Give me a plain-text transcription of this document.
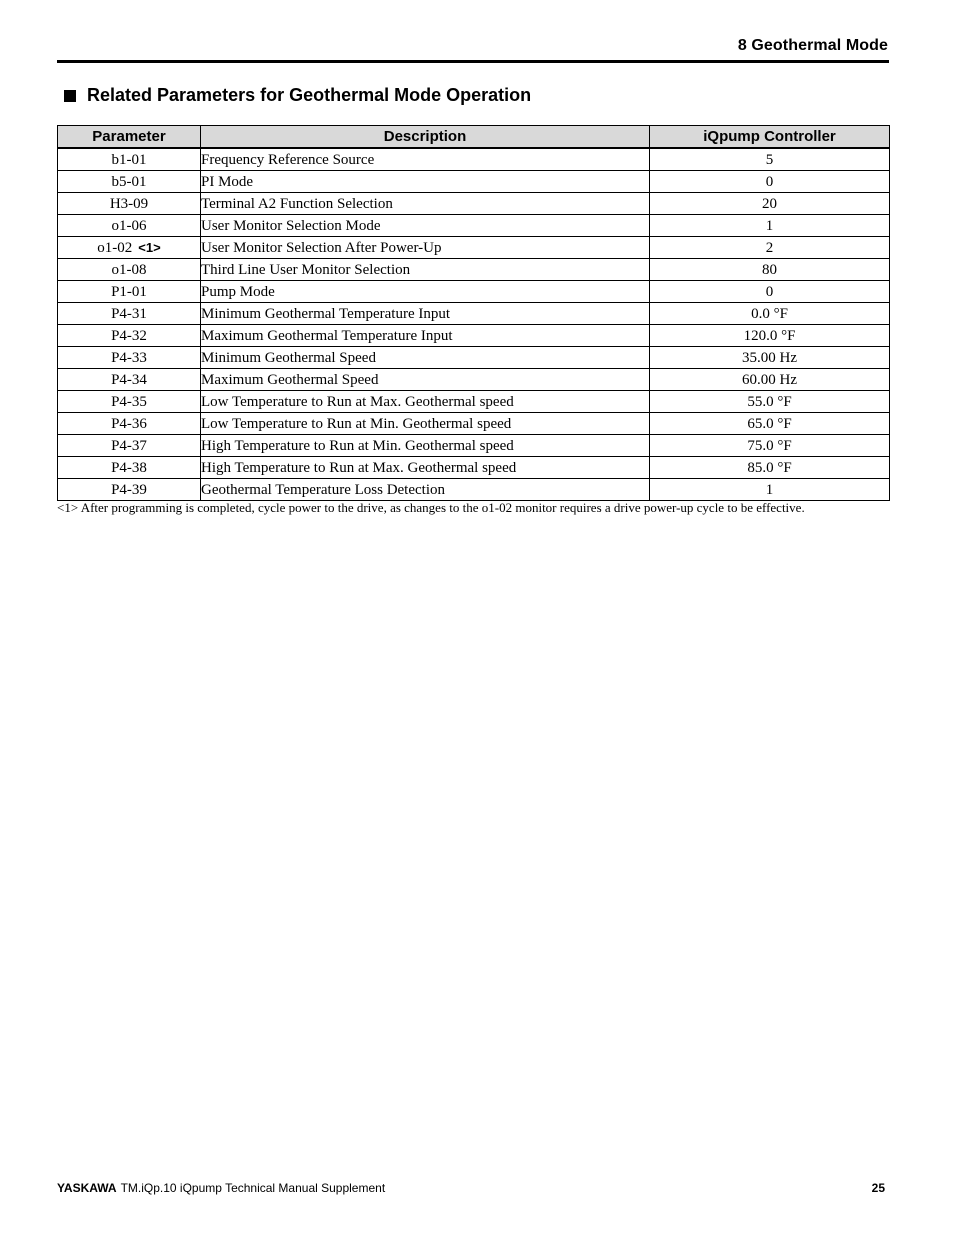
8 Geothermal Mode
Related Parameters for Geothermal Mode Operation
Parameter	Description	iQpump Controller
b1-01	Frequency Reference Source	5
b5-01	PI Mode	0
H3-09	Terminal A2 Function Selection	20
o1-06	User Monitor Selection Mode	1
o1-02 <1>	User Monitor Selection After Power-Up	2
o1-08	Third Line User Monitor Selection	80
P1-01	Pump Mode	0
P4-31	Minimum Geothermal Temperature Input	0.0 °F
P4-32	Maximum Geothermal Temperature Input	120.0 °F
P4-33	Minimum Geothermal Speed	35.00 Hz
P4-34	Maximum Geothermal Speed	60.00 Hz
P4-35	Low Temperature to Run at Max. Geothermal speed	55.0 °F
P4-36	Low Temperature to Run at Min. Geothermal speed	65.0 °F
P4-37	High Temperature to Run at Min. Geothermal speed	75.0 °F
P4-38	High Temperature to Run at Max. Geothermal speed	85.0 °F
P4-39	Geothermal Temperature Loss Detection	1
<1> After programming is completed, cycle power to the drive, as changes to the o1-02 monitor requires a drive power-up cycle to be effective.
YASKAWA TM.iQp.10 iQpump Technical Manual Supplement	25
